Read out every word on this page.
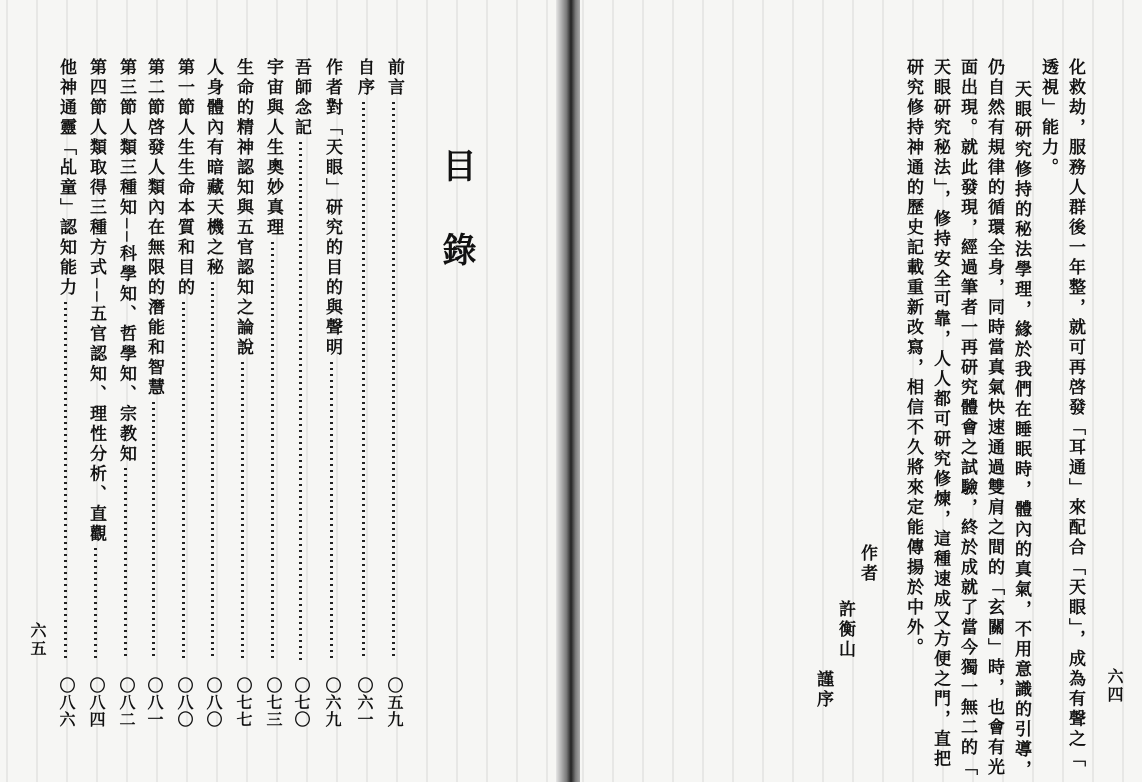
目錄
前言
〇五九
自序
〇六一
作者對「天眼」研究的目的與聲明
〇六九
吾師念記
〇七〇
宇宙與人生奧妙真理
〇七三
生命的精神認知與五官認知之論說
〇七七
人身體內有暗藏天機之秘
〇八〇
第一節人生生命本質和目的
〇八〇
第二節啓發人類內在無限的潛能和智慧
〇八一
第三節人類三種知──科學知、哲學知、宗教知
〇八二
第四節人類取得三種方式──五官認知、理性分析、直觀
〇八四
他神通靈「乩童」認知能力
〇八六
六五	化救劫，服務人群後一年整，就可再啓發「耳通」來配合「天眼」，成為有聲之「
透視」能力。
天眼研究修持的秘法學理，緣於我們在睡眠時，體內的真氣，不用意識的引導，
仍自然有規律的循環全身，同時當真氣快速通過雙肩之間的「玄關」時，也會有光
面出現。就此發現，經過筆者一再研究體會之試驗，終於成就了當今獨一無二的「
天眼研究秘法」，修持安全可靠，人人都可研究修煉，這種速成又方便之門，直把
研究修持神通的歷史記載重新改寫，相信不久將來定能傳揚於中外。
作者
許衡山
謹序	六四
